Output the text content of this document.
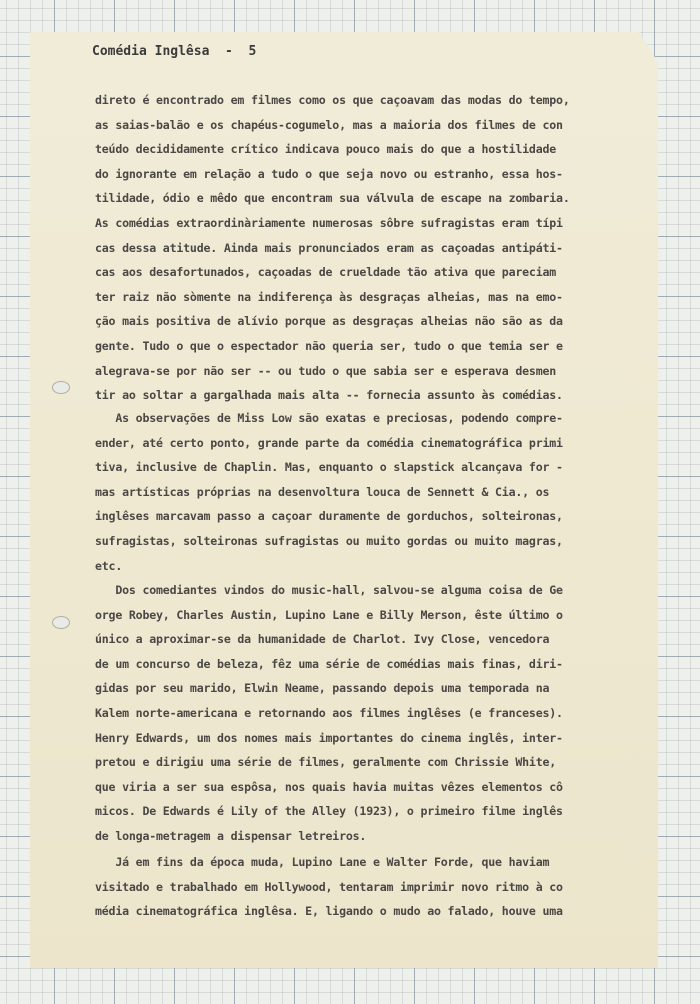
Comédia Inglêsa  -  5
direto é encontrado em filmes como os que caçoavam das modas do tempo,
as saias-balão e os chapéus-cogumelo, mas a maioria dos filmes de con
teúdo decididamente crítico indicava pouco mais do que a hostilidade
do ignorante em relação a tudo o que seja novo ou estranho, essa hos-
tilidade, ódio e mêdo que encontram sua válvula de escape na zombaria.
As comédias extraordinàriamente numerosas sôbre sufragistas eram típi
cas dessa atitude. Ainda mais pronunciados eram as caçoadas antipáti-
cas aos desafortunados, caçoadas de crueldade tão ativa que pareciam
ter raiz não sòmente na indiferença às desgraças alheias, mas na emo-
ção mais positiva de alívio porque as desgraças alheias não são as da
gente. Tudo o que o espectador não queria ser, tudo o que temia ser e
alegrava-se por não ser -- ou tudo o que sabia ser e esperava desmen
tir ao soltar a gargalhada mais alta -- fornecia assunto às comédias.
As observações de Miss Low são exatas e preciosas, podendo compre-
ender, até certo ponto, grande parte da comédia cinematográfica primi
tiva, inclusive de Chaplin. Mas, enquanto o slapstick alcançava for -
mas artísticas próprias na desenvoltura louca de Sennett & Cia., os
inglêses marcavam passo a caçoar duramente de gorduchos, solteironas,
sufragistas, solteironas sufragistas ou muito gordas ou muito magras,
etc.
Dos comediantes vindos do music-hall, salvou-se alguma coisa de Ge
orge Robey, Charles Austin, Lupino Lane e Billy Merson, êste último o
único a aproximar-se da humanidade de Charlot. Ivy Close, vencedora
de um concurso de beleza, fêz uma série de comédias mais finas, diri-
gidas por seu marido, Elwin Neame, passando depois uma temporada na
Kalem norte-americana e retornando aos filmes inglêses (e franceses).
Henry Edwards, um dos nomes mais importantes do cinema inglês, inter-
pretou e dirigiu uma série de filmes, geralmente com Chrissie White,
que viria a ser sua espôsa, nos quais havia muitas vêzes elementos cô
micos. De Edwards é Lily of the Alley (1923), o primeiro filme inglês
de longa-metragem a dispensar letreiros.
Já em fins da época muda, Lupino Lane e Walter Forde, que haviam
visitado e trabalhado em Hollywood, tentaram imprimir novo ritmo à co
média cinematográfica inglêsa. E, ligando o mudo ao falado, houve uma
